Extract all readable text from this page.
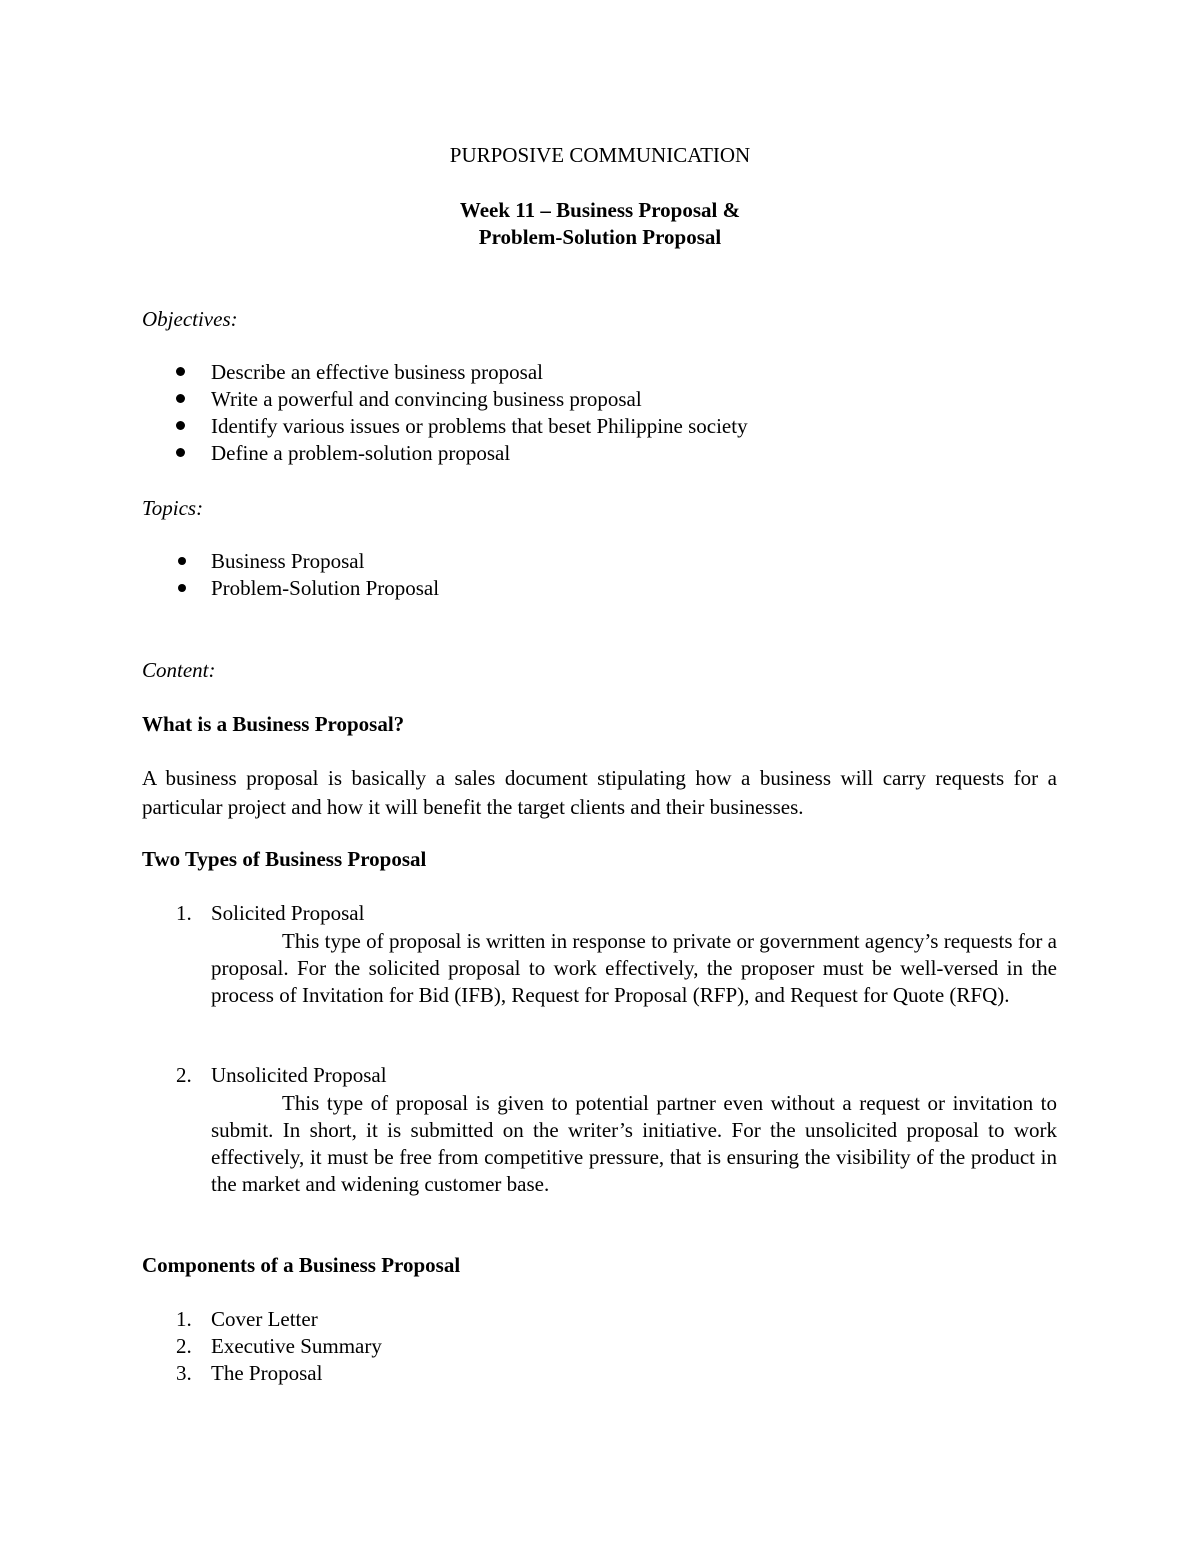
PURPOSIVE COMMUNICATION
Week 11 – Business Proposal &
Problem-Solution Proposal
Objectives:
Describe an effective business proposal
Write a powerful and convincing business proposal
Identify various issues or problems that beset Philippine society
Define a problem-solution proposal
Topics:
Business Proposal
Problem-Solution Proposal
Content:
What is a Business Proposal?

A business proposal is basically a sales document stipulating how a business will carry requests for a particular project and how it will benefit the target clients and their businesses.

Two Types of Business Proposal
1. Solicited Proposal

This type of proposal is written in response to private or government agency’s requests for a proposal. For the solicited proposal to work effectively, the proposer must be well-versed in the process of Invitation for Bid (IFB), Request for Proposal (RFP), and Request for Quote (RFQ).

2. Unsolicited Proposal

This type of proposal is given to potential partner even without a request or invitation to submit. In short, it is submitted on the writer’s initiative. For the unsolicited proposal to work effectively, it must be free from competitive pressure, that is ensuring the visibility of the product in the market and widening customer base.

Components of a Business Proposal
1. Cover Letter
2. Executive Summary
3. The Proposal
